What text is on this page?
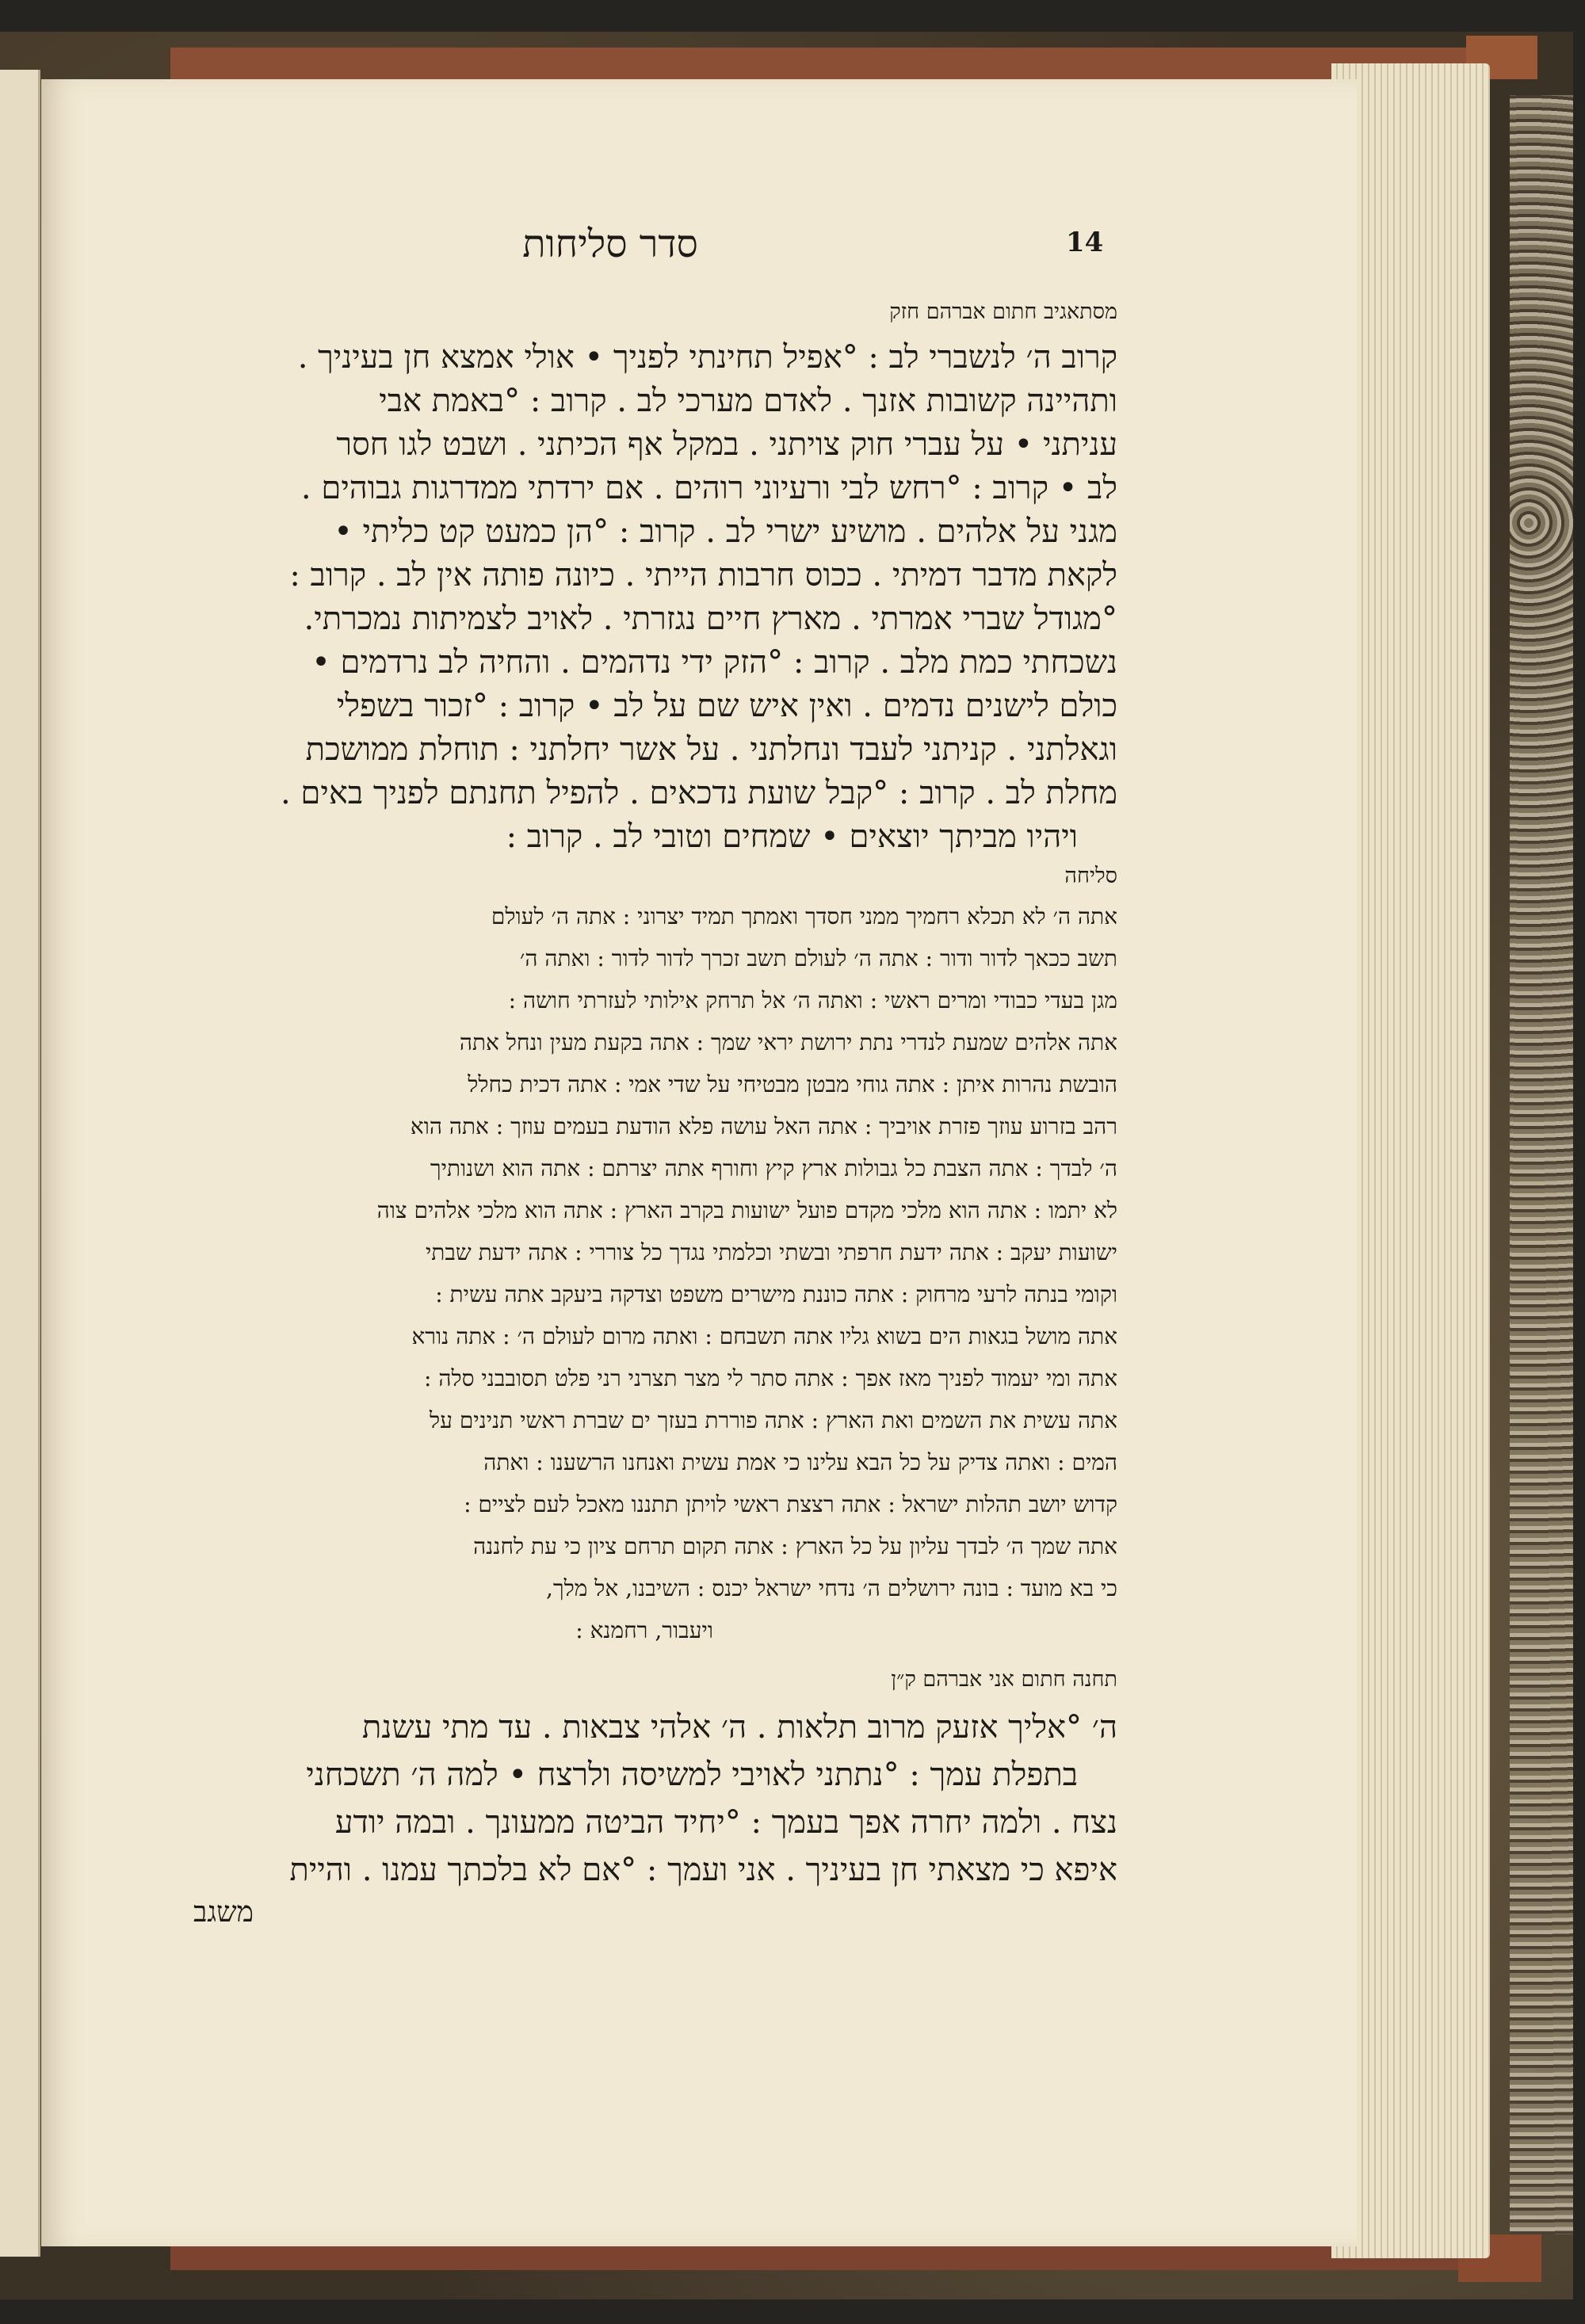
14
סדר סליחות
מסתאגיב חתום אברהם חזק
קרוב ה׳ לנשברי לב : °אפיל תחינתי לפניך • אולי אמצא חן בעיניך .
ותהיינה קשובות אזנך . לאדם מערכי לב . קרוב : °באמת אבי
עניתני • על עברי חוק צויתני . במקל אף הכיתני . ושבט לגו חסר
לב • קרוב : °רחש לבי ורעיוני רוהים . אם ירדתי ממדרגות גבוהים .
מגני על אלהים . מושיע ישרי לב . קרוב : °הן כמעט קט כליתי •
לקאת מדבר דמיתי . ככוס חרבות הייתי . כיונה פותה אין לב . קרוב :
°מגודל שברי אמרתי . מארץ חיים נגזרתי . לאויב לצמיתות נמכרתי.
נשכחתי כמת מלב . קרוב : °הזק ידי נדהמים . והחיה לב נרדמים •
כולם לישנים נדמים . ואין איש שם על לב • קרוב : °זכור בשפלי
וגאלתני . קניתני לעבד ונחלתני . על אשר יחלתני : תוחלת ממושכת
מחלת לב . קרוב : °קבל שועת נדכאים . להפיל תחנתם לפניך באים .
ויהיו מביתך יוצאים • שמחים וטובי לב . קרוב :
סליחה
אתה ה׳ לא תכלא רחמיך ממני חסדך ואמתך תמיד יצרוני : אתה ה׳ לעולם
תשב ככאך לדור ודור : אתה ה׳ לעולם תשב זכרך לדור לדור : ואתה ה׳
מגן בעדי כבודי ומרים ראשי : ואתה ה׳ אל תרחק אילותי לעזרתי חושה :
אתה אלהים שמעת לנדרי נתת ירושת יראי שמך : אתה בקעת מעין ונחל אתה
הובשת נהרות איתן : אתה גוחי מבטן מבטיחי על שדי אמי : אתה דכית כחלל
רהב בזרוע עוזך פזרת אויביך : אתה האל עושה פלא הודעת בעמים עוזך : אתה הוא
ה׳ לבדך : אתה הצבת כל גבולות ארץ קיץ וחורף אתה יצרתם : אתה הוא ושנותיך
לא יתמו : אתה הוא מלכי מקדם פועל ישועות בקרב הארץ : אתה הוא מלכי אלהים צוה
ישועות יעקב : אתה ידעת חרפתי ובשתי וכלמתי נגדך כל צוררי : אתה ידעת שבתי
וקומי בנתה לרעי מרחוק : אתה כוננת מישרים משפט וצדקה ביעקב אתה עשית :
אתה מושל בגאות הים בשוא גליו אתה תשבחם : ואתה מרום לעולם ה׳ : אתה נורא
אתה ומי יעמוד לפניך מאז אפך : אתה סתר לי מצר תצרני רני פלט תסובבני סלה :
אתה עשית את השמים ואת הארץ : אתה פוררת בעזך ים שברת ראשי תנינים על
המים : ואתה צדיק על כל הבא עלינו כי אמת עשית ואנחנו הרשענו : ואתה
קדוש יושב תהלות ישראל : אתה רצצת ראשי לויתן תתננו מאכל לעם לציים :
אתה שמך ה׳ לבדך עליון על כל הארץ : אתה תקום תרחם ציון כי עת לחננה
כי בא מועד : בונה ירושלים ה׳ נדחי ישראל יכנס : השיבנו, אל מלך,
ויעבור, רחמנא :
תחנה חתום אני אברהם ק״ן
ה׳ °אליך אזעק מרוב תלאות . ה׳ אלהי צבאות . עד מתי עשנת
בתפלת עמך : °נתתני לאויבי למשיסה ולרצח • למה ה׳ תשכחני
נצח . ולמה יחרה אפך בעמך : °יחיד הביטה ממעונך . ובמה יודע
איפא כי מצאתי חן בעיניך . אני ועמך : °אם לא בלכתך עמנו . והיית
משגב
